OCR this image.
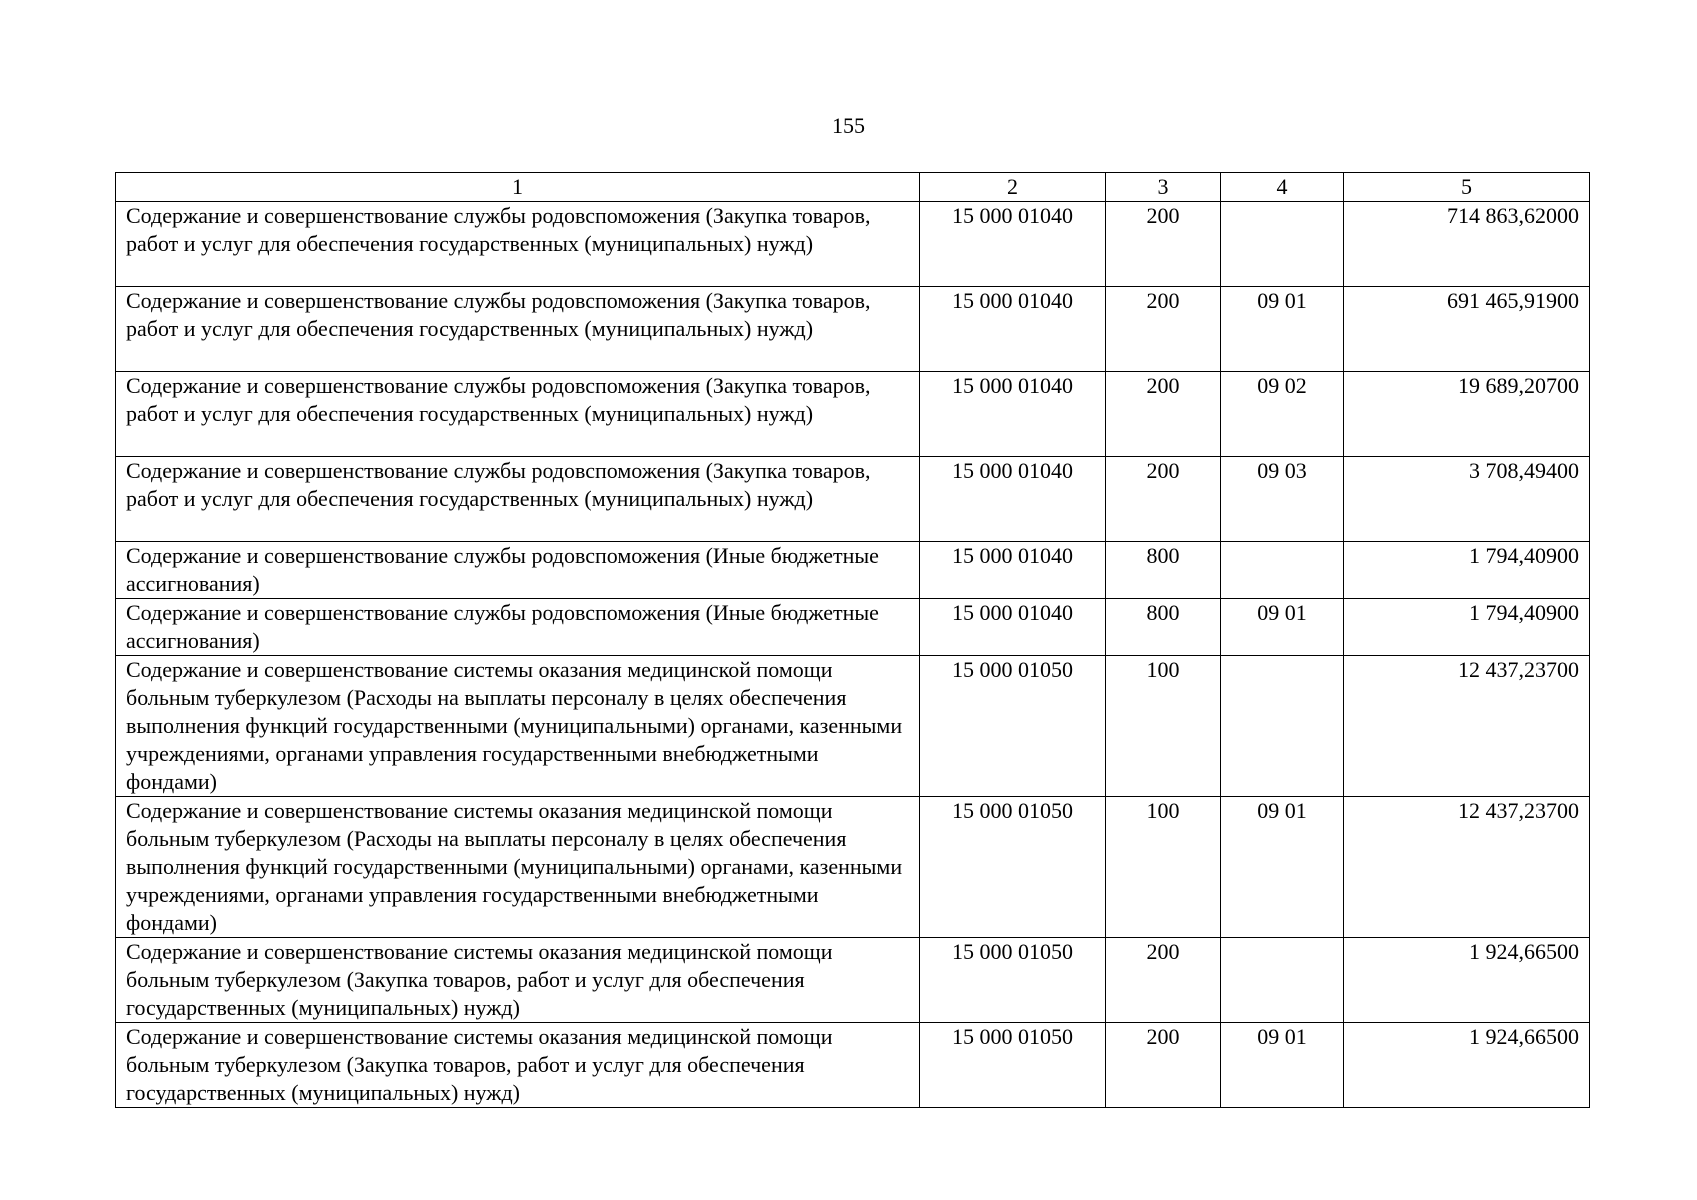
155
1	2	3	4	5
Содержание и совершенствование службы родовспоможения (Закупка товаров, работ и услуг для обеспечения государственных (муниципальных) нужд)	15 000 01040	200		714 863,62000
Содержание и совершенствование службы родовспоможения (Закупка товаров, работ и услуг для обеспечения государственных (муниципальных) нужд)	15 000 01040	200	09 01	691 465,91900
Содержание и совершенствование службы родовспоможения (Закупка товаров, работ и услуг для обеспечения государственных (муниципальных) нужд)	15 000 01040	200	09 02	19 689,20700
Содержание и совершенствование службы родовспоможения (Закупка товаров, работ и услуг для обеспечения государственных (муниципальных) нужд)	15 000 01040	200	09 03	3 708,49400
Содержание и совершенствование службы родовспоможения (Иные бюджетные ассигнования)	15 000 01040	800		1 794,40900
Содержание и совершенствование службы родовспоможения (Иные бюджетные ассигнования)	15 000 01040	800	09 01	1 794,40900
Содержание и совершенствование системы оказания медицинской помощи больным туберкулезом (Расходы на выплаты персоналу в целях обеспечения выполнения функций государственными (муниципальными) органами, казенными учреждениями, органами управления государственными внебюджетными фондами)	15 000 01050	100		12 437,23700
Содержание и совершенствование системы оказания медицинской помощи больным туберкулезом (Расходы на выплаты персоналу в целях обеспечения выполнения функций государственными (муниципальными) органами, казенными учреждениями, органами управления государственными внебюджетными фондами)	15 000 01050	100	09 01	12 437,23700
Содержание и совершенствование системы оказания медицинской помощи больным туберкулезом (Закупка товаров, работ и услуг для обеспечения государственных (муниципальных) нужд)	15 000 01050	200		1 924,66500
Содержание и совершенствование системы оказания медицинской помощи больным туберкулезом (Закупка товаров, работ и услуг для обеспечения государственных (муниципальных) нужд)	15 000 01050	200	09 01	1 924,66500
